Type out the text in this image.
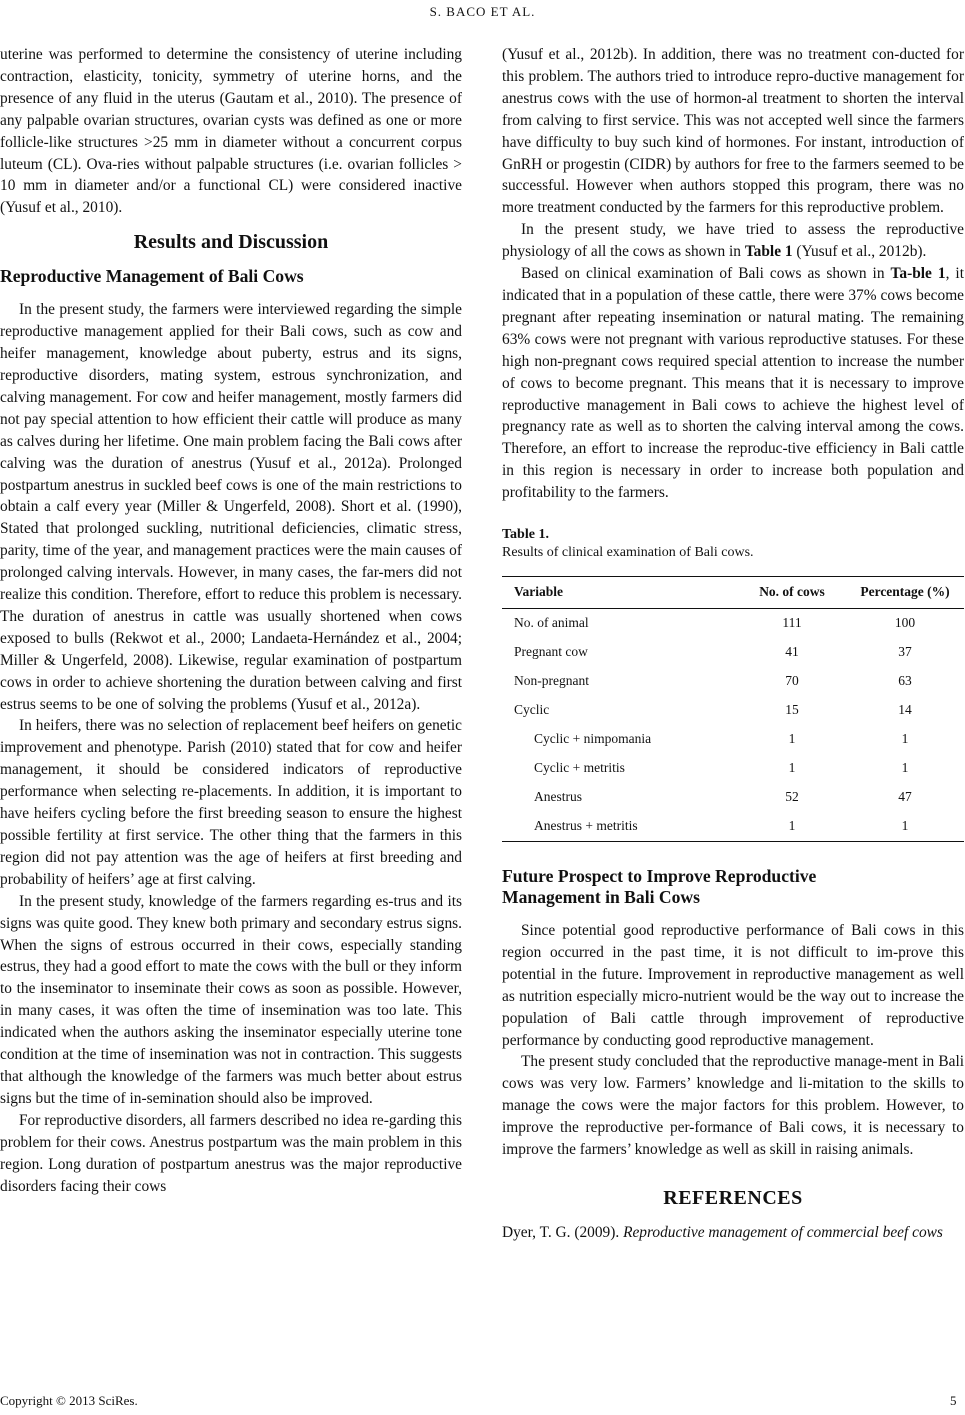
S. BACO ET AL.

uterine was performed to determine the consistency of uterine including contraction, elasticity, tonicity, symmetry of uterine horns, and the presence of any fluid in the uterus (Gautam et al., 2010). The presence of any palpable ovarian structures, ovarian cysts was defined as one or more follicle-like structures >25 mm in diameter without a concurrent corpus luteum (CL). Ova-ries without palpable structures (i.e. ovarian follicles > 10 mm in diameter and/or a functional CL) were considered inactive (Yusuf et al., 2010).

Results and Discussion
Reproductive Management of Bali Cows

In the present study, the farmers were interviewed regarding the simple reproductive management applied for their Bali cows, such as cow and heifer management, knowledge about puberty, estrus and its signs, reproductive disorders, mating system, estrous synchronization, and calving management. For cow and heifer management, mostly farmers did not pay special attention to how efficient their cattle will produce as many as calves during her lifetime. One main problem facing the Bali cows after calving was the duration of anestrus (Yusuf et al., 2012a). Prolonged postpartum anestrus in suckled beef cows is one of the main restrictions to obtain a calf every year (Miller & Ungerfeld, 2008). Short et al. (1990), Stated that prolonged suckling, nutritional deficiencies, climatic stress, parity, time of the year, and management practices were the main causes of prolonged calving intervals. However, in many cases, the far-mers did not realize this condition. Therefore, effort to reduce this problem is necessary. The duration of anestrus in cattle was usually shortened when cows exposed to bulls (Rekwot et al., 2000; Landaeta-Hernández et al., 2004; Miller & Ungerfeld, 2008). Likewise, regular examination of postpartum cows in order to achieve shortening the duration between calving and first estrus seems to be one of solving the problems (Yusuf et al., 2012a).

In heifers, there was no selection of replacement beef heifers on genetic improvement and phenotype. Parish (2010) stated that for cow and heifer management, it should be considered indicators of reproductive performance when selecting re-placements. In addition, it is important to have heifers cycling before the first breeding season to ensure the highest possible fertility at first service. The other thing that the farmers in this region did not pay attention was the age of heifers at first breeding and probability of heifers’ age at first calving.

In the present study, knowledge of the farmers regarding es-trus and its signs was quite good. They knew both primary and secondary estrus signs. When the signs of estrous occurred in their cows, especially standing estrus, they had a good effort to mate the cows with the bull or they inform to the inseminator to inseminate their cows as soon as possible. However, in many cases, it was often the time of insemination was too late. This indicated when the authors asking the inseminator especially uterine tone condition at the time of insemination was not in contraction. This suggests that although the knowledge of the farmers was much better about estrus signs but the time of in-semination should also be improved.

For reproductive disorders, all farmers described no idea re-garding this problem for their cows. Anestrus postpartum was the main problem in this region. Long duration of postpartum anestrus was the major reproductive disorders facing their cows

(Yusuf et al., 2012b). In addition, there was no treatment con-ducted for this problem. The authors tried to introduce repro-ductive management for anestrus cows with the use of hormon-al treatment to shorten the interval from calving to first service. This was not accepted well since the farmers have difficulty to buy such kind of hormones. For instant, introduction of GnRH or progestin (CIDR) by authors for free to the farmers seemed to be successful. However when authors stopped this program, there was no more treatment conducted by the farmers for this reproductive problem.

In the present study, we have tried to assess the reproductive physiology of all the cows as shown in Table 1 (Yusuf et al., 2012b).

Based on clinical examination of Bali cows as shown in Ta-ble 1, it indicated that in a population of these cattle, there were 37% cows become pregnant after repeating insemination or natural mating. The remaining 63% cows were not pregnant with various reproductive statuses. For these high non-pregnant cows required special attention to increase the number of cows to become pregnant. This means that it is necessary to improve reproductive management in Bali cows to achieve the highest level of pregnancy rate as well as to shorten the calving interval among the cows. Therefore, an effort to increase the reproduc-tive efficiency in Bali cattle in this region is necessary in order to increase both population and profitability to the farmers.

Table 1.

Results of clinical examination of Bali cows.

Variable	No. of cows	Percentage (%)
No. of animal	111	100
Pregnant cow	41	37
Non-pregnant	70	63
Cyclic	15	14
Cyclic + nimpomania	1	1
Cyclic + metritis	1	1
Anestrus	52	47
Anestrus + metritis	1	1
Future Prospect to Improve Reproductive
Management in Bali Cows

Since potential good reproductive performance of Bali cows in this region occurred in the past time, it is not difficult to im-prove this potential in the future. Improvement in reproductive management as well as nutrition especially micro-nutrient would be the way out to increase the population of Bali cattle through improvement of reproductive performance by conducting good reproductive management.

The present study concluded that the reproductive manage-ment in Bali cows was very low. Farmers’ knowledge and li-mitation to the skills to manage the cows were the major factors for this problem. However, to improve the reproductive per-formance of Bali cows, it is necessary to improve the farmers’ knowledge as well as skill in raising animals.

REFERENCES

Dyer, T. G. (2009). Reproductive management of commercial beef cows

Copyright © 2013 SciRes.	5
